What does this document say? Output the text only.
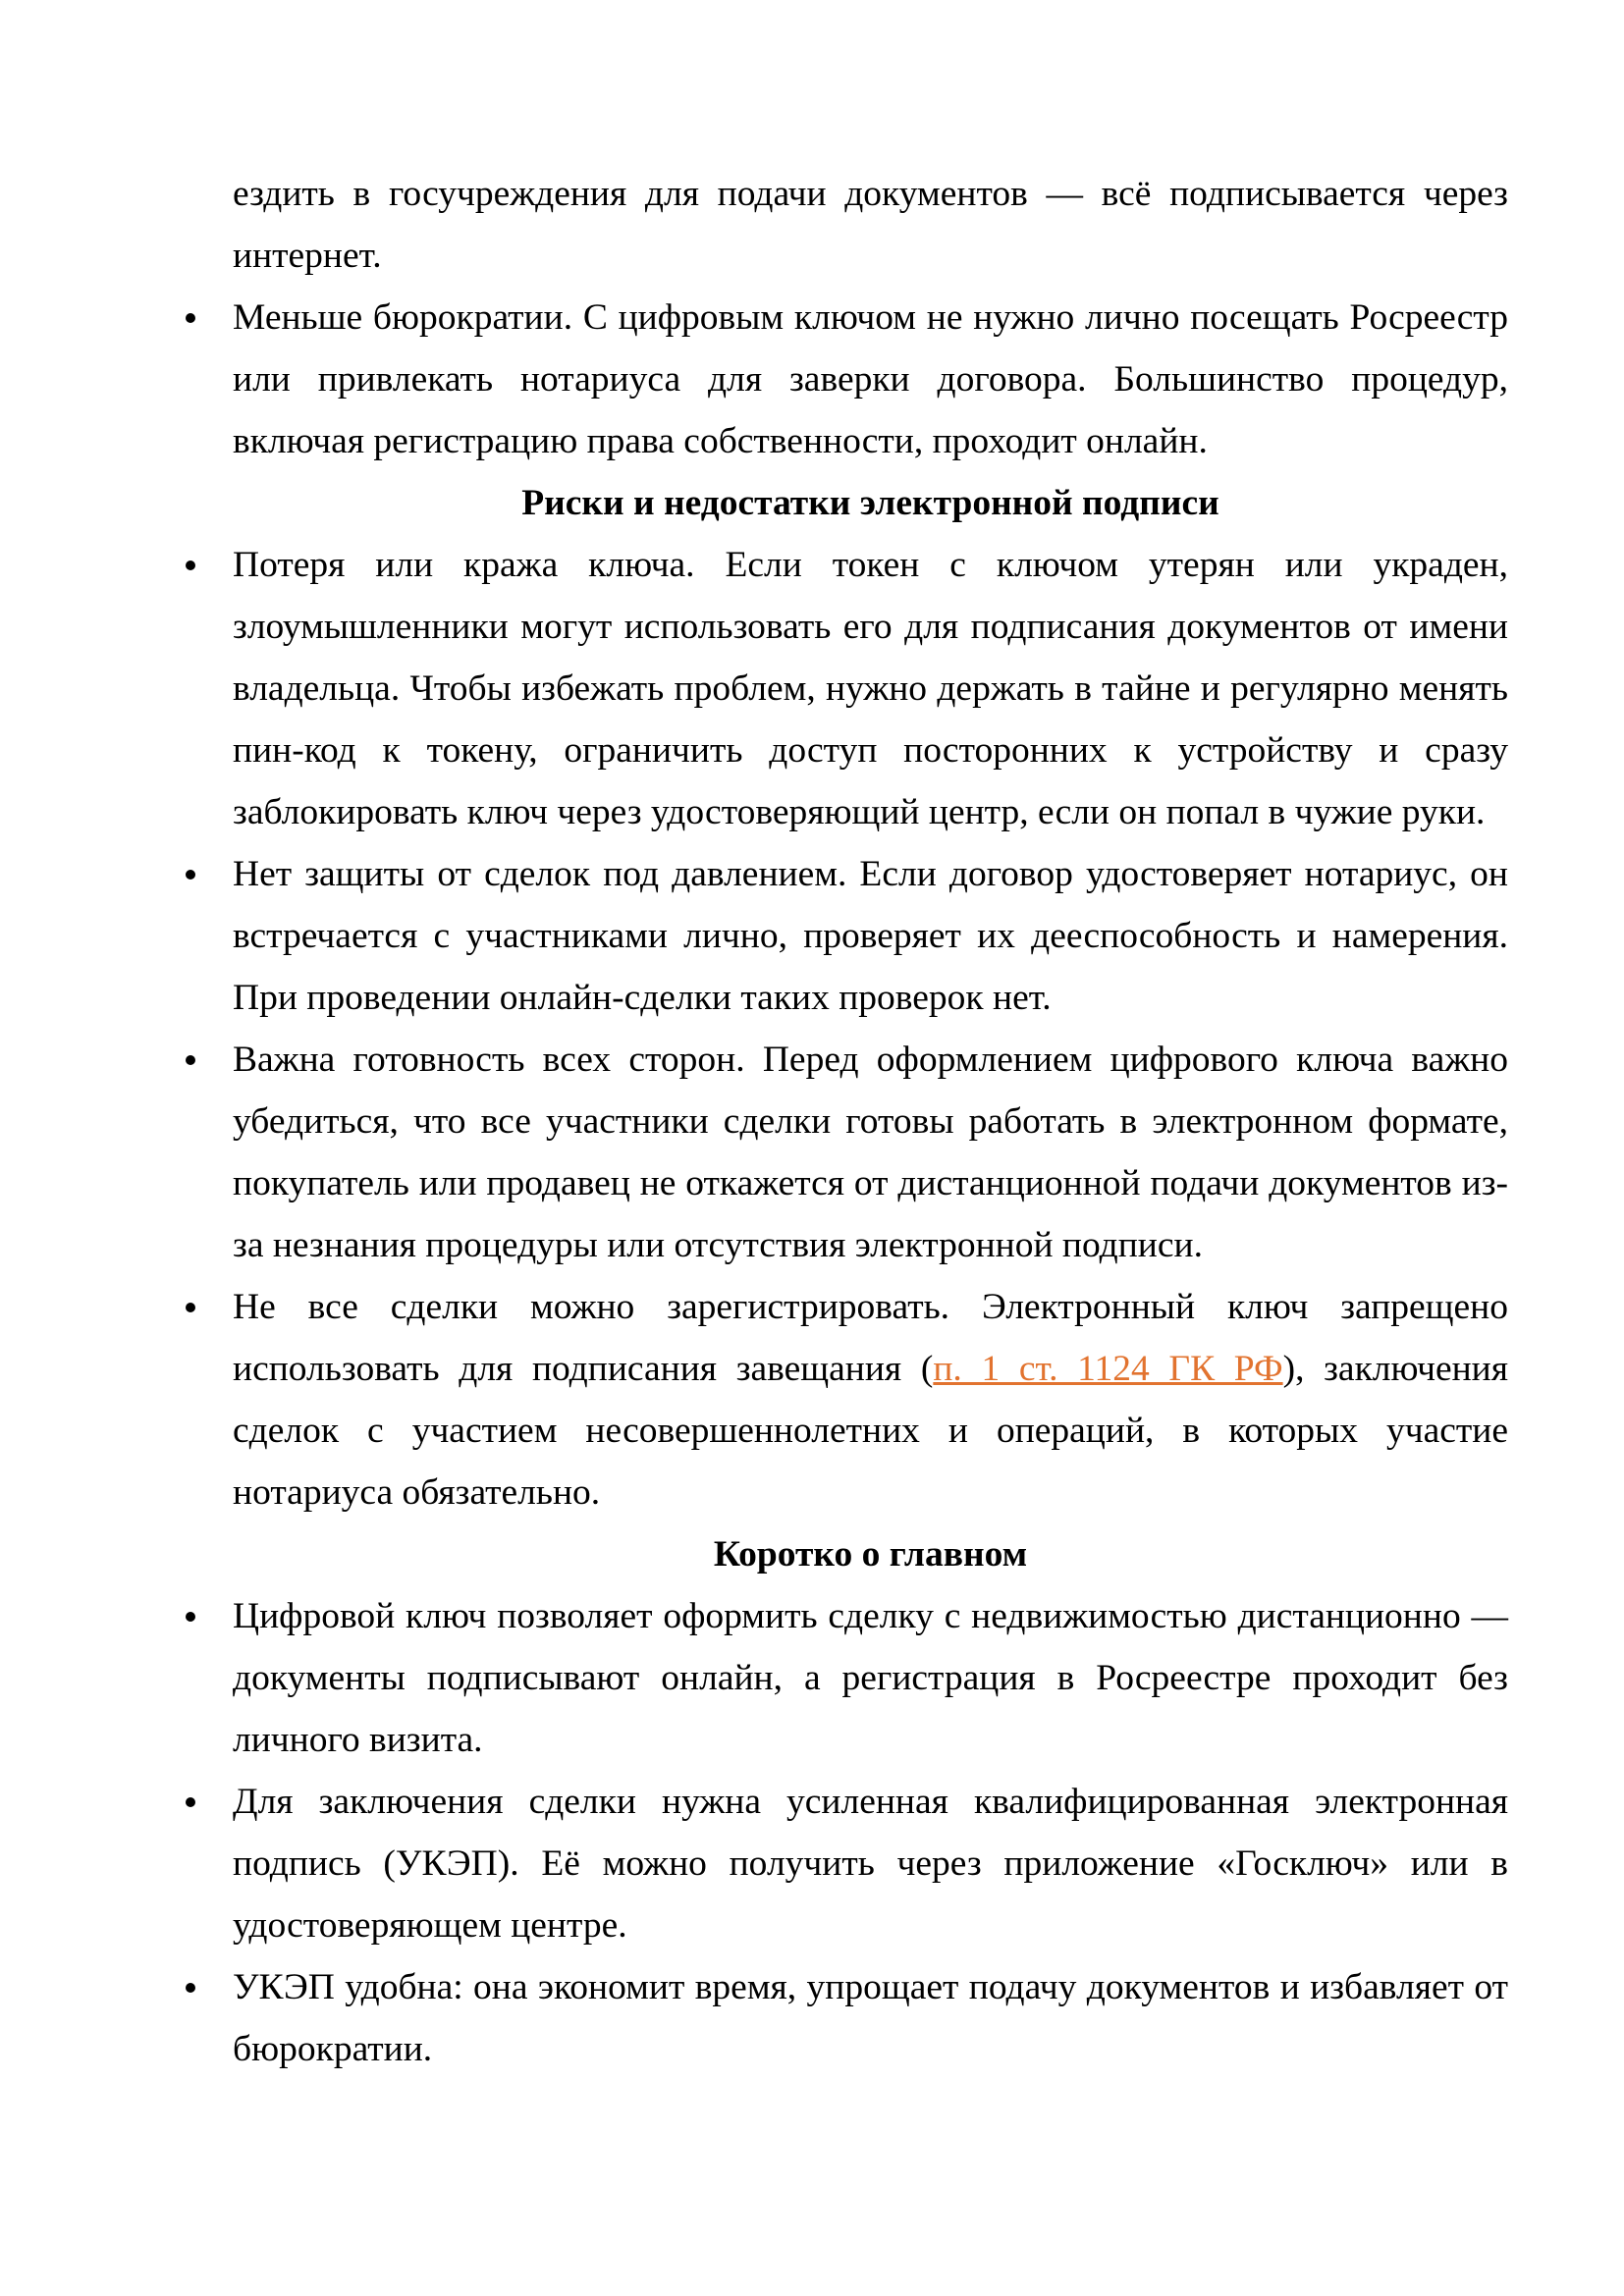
ездить в госучреждения для подачи документов — всё подписывается через интернет.

Меньше бюрократии. С цифровым ключом не нужно лично посещать Росреестр или привлекать нотариуса для заверки договора. Большинство процедур, включая регистрацию права собственности, проходит онлайн.
Риски и недостатки электронной подписи
Потеря или кража ключа. Если токен с ключом утерян или украден, злоумышленники могут использовать его для подписания документов от имени владельца. Чтобы избежать проблем, нужно держать в тайне и регулярно менять пин-код к токену, ограничить доступ посторонних к устройству и сразу заблокировать ключ через удостоверяющий центр, если он попал в чужие руки.
Нет защиты от сделок под давлением. Если договор удостоверяет нотариус, он встречается с участниками лично, проверяет их дееспособность и намерения. При проведении онлайн-сделки таких проверок нет.
Важна готовность всех сторон. Перед оформлением цифрового ключа важно убедиться, что все участники сделки готовы работать в электронном формате, покупатель или продавец не откажется от дистанционной подачи документов из-за незнания процедуры или отсутствия электронной подписи.
Не все сделки можно зарегистрировать. Электронный ключ запрещено использовать для подписания завещания (п. 1 ст. 1124 ГК РФ), заключения сделок с участием несовершеннолетних и операций, в которых участие нотариуса обязательно.
Коротко о главном
Цифровой ключ позволяет оформить сделку с недвижимостью дистанционно — документы подписывают онлайн, а регистрация в Росреестре проходит без личного визита.
Для заключения сделки нужна усиленная квалифицированная электронная подпись (УКЭП). Её можно получить через приложение «Госключ» или в удостоверяющем центре.
УКЭП удобна: она экономит время, упрощает подачу документов и избавляет от бюрократии.
